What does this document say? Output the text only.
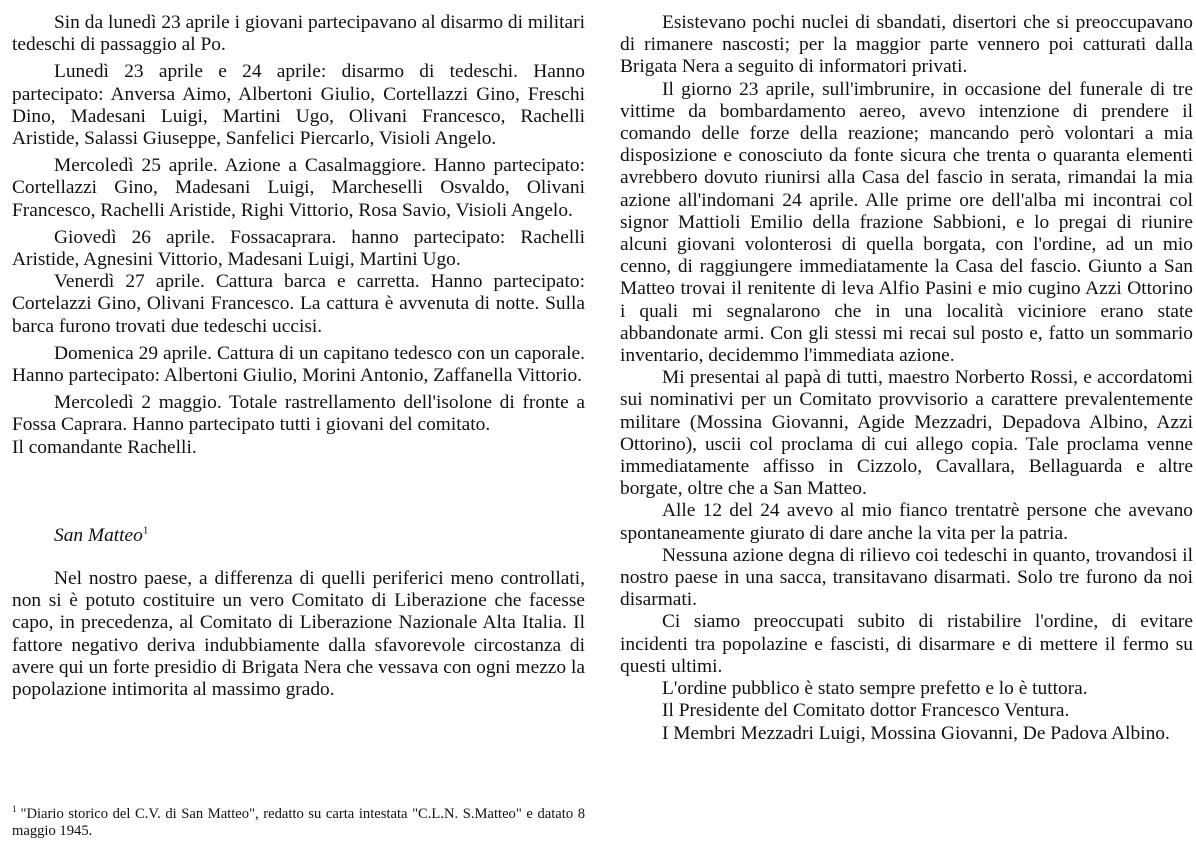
Sin da lunedì 23 aprile i giovani partecipavano al disarmo di militari tedeschi di passaggio al Po.

Lunedì 23 aprile e 24 aprile: disarmo di tedeschi. Hanno partecipato: Anversa Aimo, Albertoni Giulio, Cortellazzi Gino, Freschi Dino, Madesani Luigi, Martini Ugo, Olivani Francesco, Rachelli Aristide, Salassi Giuseppe, Sanfelici Piercarlo, Visioli Angelo.

Mercoledì 25 aprile. Azione a Casalmaggiore. Hanno partecipato: Cortellazzi Gino, Madesani Luigi, Marcheselli Osvaldo, Olivani Francesco, Rachelli Aristide, Righi Vittorio, Rosa Savio, Visioli Angelo.

Giovedì 26 aprile. Fossacaprara. hanno partecipato: Rachelli Aristide, Agnesini Vittorio, Madesani Luigi, Martini Ugo.

Venerdì 27 aprile. Cattura barca e carretta. Hanno partecipato: Cortelazzi Gino, Olivani Francesco. La cattura è avvenuta di notte. Sulla barca furono trovati due tedeschi uccisi.

Domenica 29 aprile. Cattura di un capitano tedesco con un caporale. Hanno partecipato: Albertoni Giulio, Morini Antonio, Zaffanella Vittorio.

Mercoledì 2 maggio. Totale rastrellamento dell'isolone di fronte a Fossa Caprara. Hanno partecipato tutti i giovani del comitato.

Il comandante Rachelli.

San Matteo$^1$

Nel nostro paese, a differenza di quelli periferici meno controllati, non si è potuto costituire un vero Comitato di Liberazione che facesse capo, in precedenza, al Comitato di Liberazione Nazionale Alta Italia. Il fattore negativo deriva indubbiamente dalla sfavorevole circostanza di avere qui un forte presidio di Brigata Nera che vessava con ogni mezzo la popolazione intimorita al massimo grado.

$^1$ "Diario storico del C.V. di San Matteo", redatto su carta intestata "C.L.N. S.Matteo" e datato 8 maggio 1945.

Esistevano pochi nuclei di sbandati, disertori che si preoccupavano di rimanere nascosti; per la maggior parte vennero poi catturati dalla Brigata Nera a seguito di informatori privati.

Il giorno 23 aprile, sull'imbrunire, in occasione del funerale di tre vittime da bombardamento aereo, avevo intenzione di prendere il comando delle forze della reazione; mancando però volontari a mia disposizione e conosciuto da fonte sicura che trenta o quaranta elementi avrebbero dovuto riunirsi alla Casa del fascio in serata, rimandai la mia azione all'indomani 24 aprile. Alle prime ore dell'alba mi incontrai col signor Mattioli Emilio della frazione Sabbioni, e lo pregai di riunire alcuni giovani volonterosi di quella borgata, con l'ordine, ad un mio cenno, di raggiungere immediatamente la Casa del fascio. Giunto a San Matteo trovai il renitente di leva Alfio Pasini e mio cugino Azzi Ottorino i quali mi segnalarono che in una località viciniore erano state abbandonate armi. Con gli stessi mi recai sul posto e, fatto un sommario inventario, decidemmo l'immediata azione.

Mi presentai al papà di tutti, maestro Norberto Rossi, e accordatomi sui nominativi per un Comitato provvisorio a carattere prevalentemente militare (Mossina Giovanni, Agide Mezzadri, Depadova Albino, Azzi Ottorino), uscii col proclama di cui allego copia. Tale proclama venne immediatamente affisso in Cizzolo, Cavallara, Bellaguarda e altre borgate, oltre che a San Matteo.

Alle 12 del 24 avevo al mio fianco trentatrè persone che avevano spontaneamente giurato di dare anche la vita per la patria.

Nessuna azione degna di rilievo coi tedeschi in quanto, trovandosi il nostro paese in una sacca, transitavano disarmati. Solo tre furono da noi disarmati.

Ci siamo preoccupati subito di ristabilire l'ordine, di evitare incidenti tra popolazine e fascisti, di disarmare e di mettere il fermo su questi ultimi.

L'ordine pubblico è stato sempre prefetto e lo è tuttora.

Il Presidente del Comitato dottor Francesco Ventura.

I Membri Mezzadri Luigi, Mossina Giovanni, De Padova Albino.
